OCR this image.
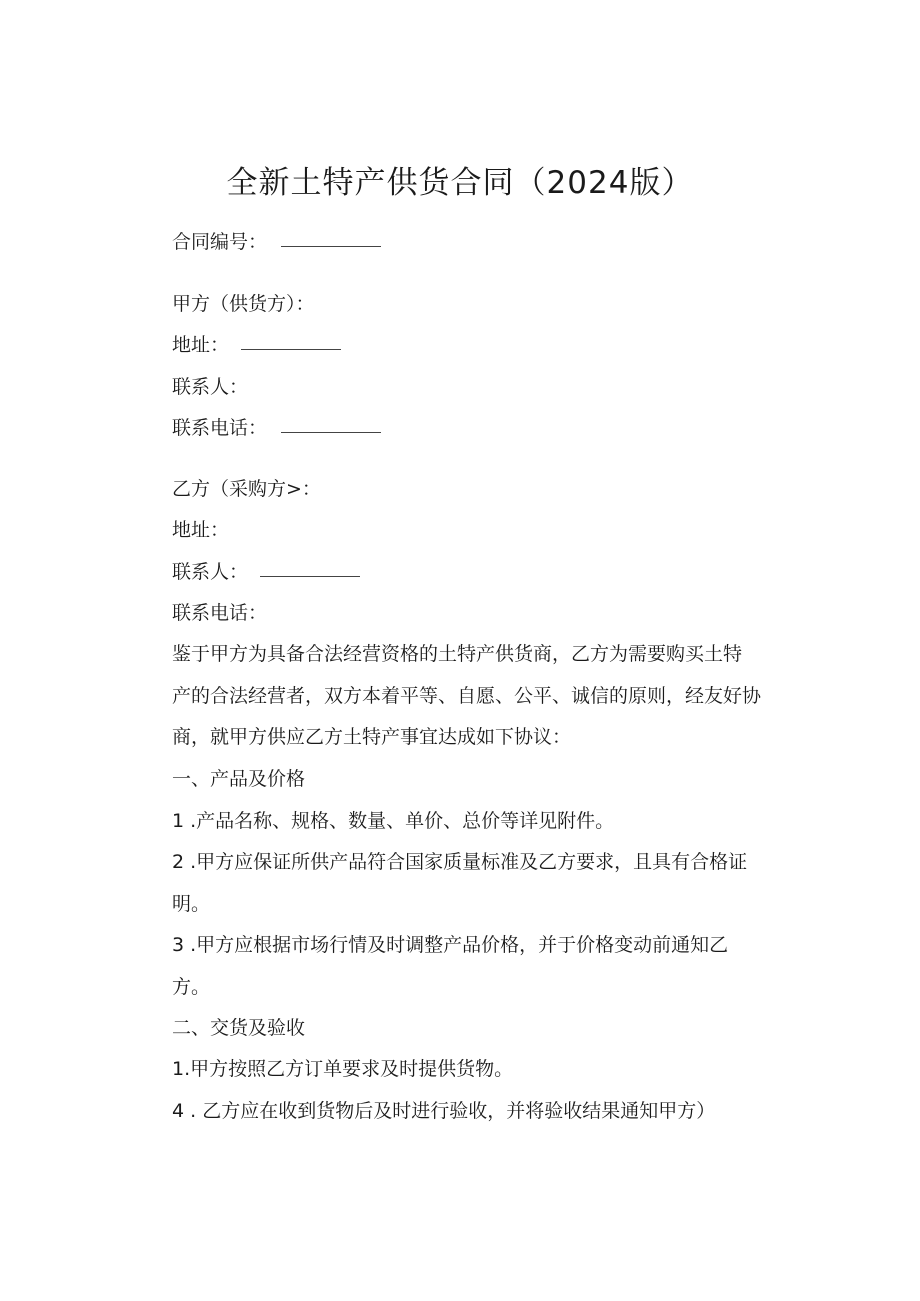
全新土特产供货合同（2024版）
合同编号：
甲方（供货方）：
地址：
联系人：
联系电话：
乙方（采购方>：
地址：
联系人：
联系电话：
鉴于甲方为具备合法经营资格的土特产供货商，乙方为需要购买土特
产的合法经营者，双方本着平等、自愿、公平、诚信的原则，经友好协
商，就甲方供应乙方土特产事宜达成如下协议：
一、产品及价格
1 .产品名称、规格、数量、单价、总价等详见附件。
2 .甲方应保证所供产品符合国家质量标准及乙方要求，且具有合格证
明。
3 .甲方应根据市场行情及时调整产品价格，并于价格变动前通知乙
方。
二、交货及验收
1.甲方按照乙方订单要求及时提供货物。
4 . 乙方应在收到货物后及时进行验收，并将验收结果通知甲方）
